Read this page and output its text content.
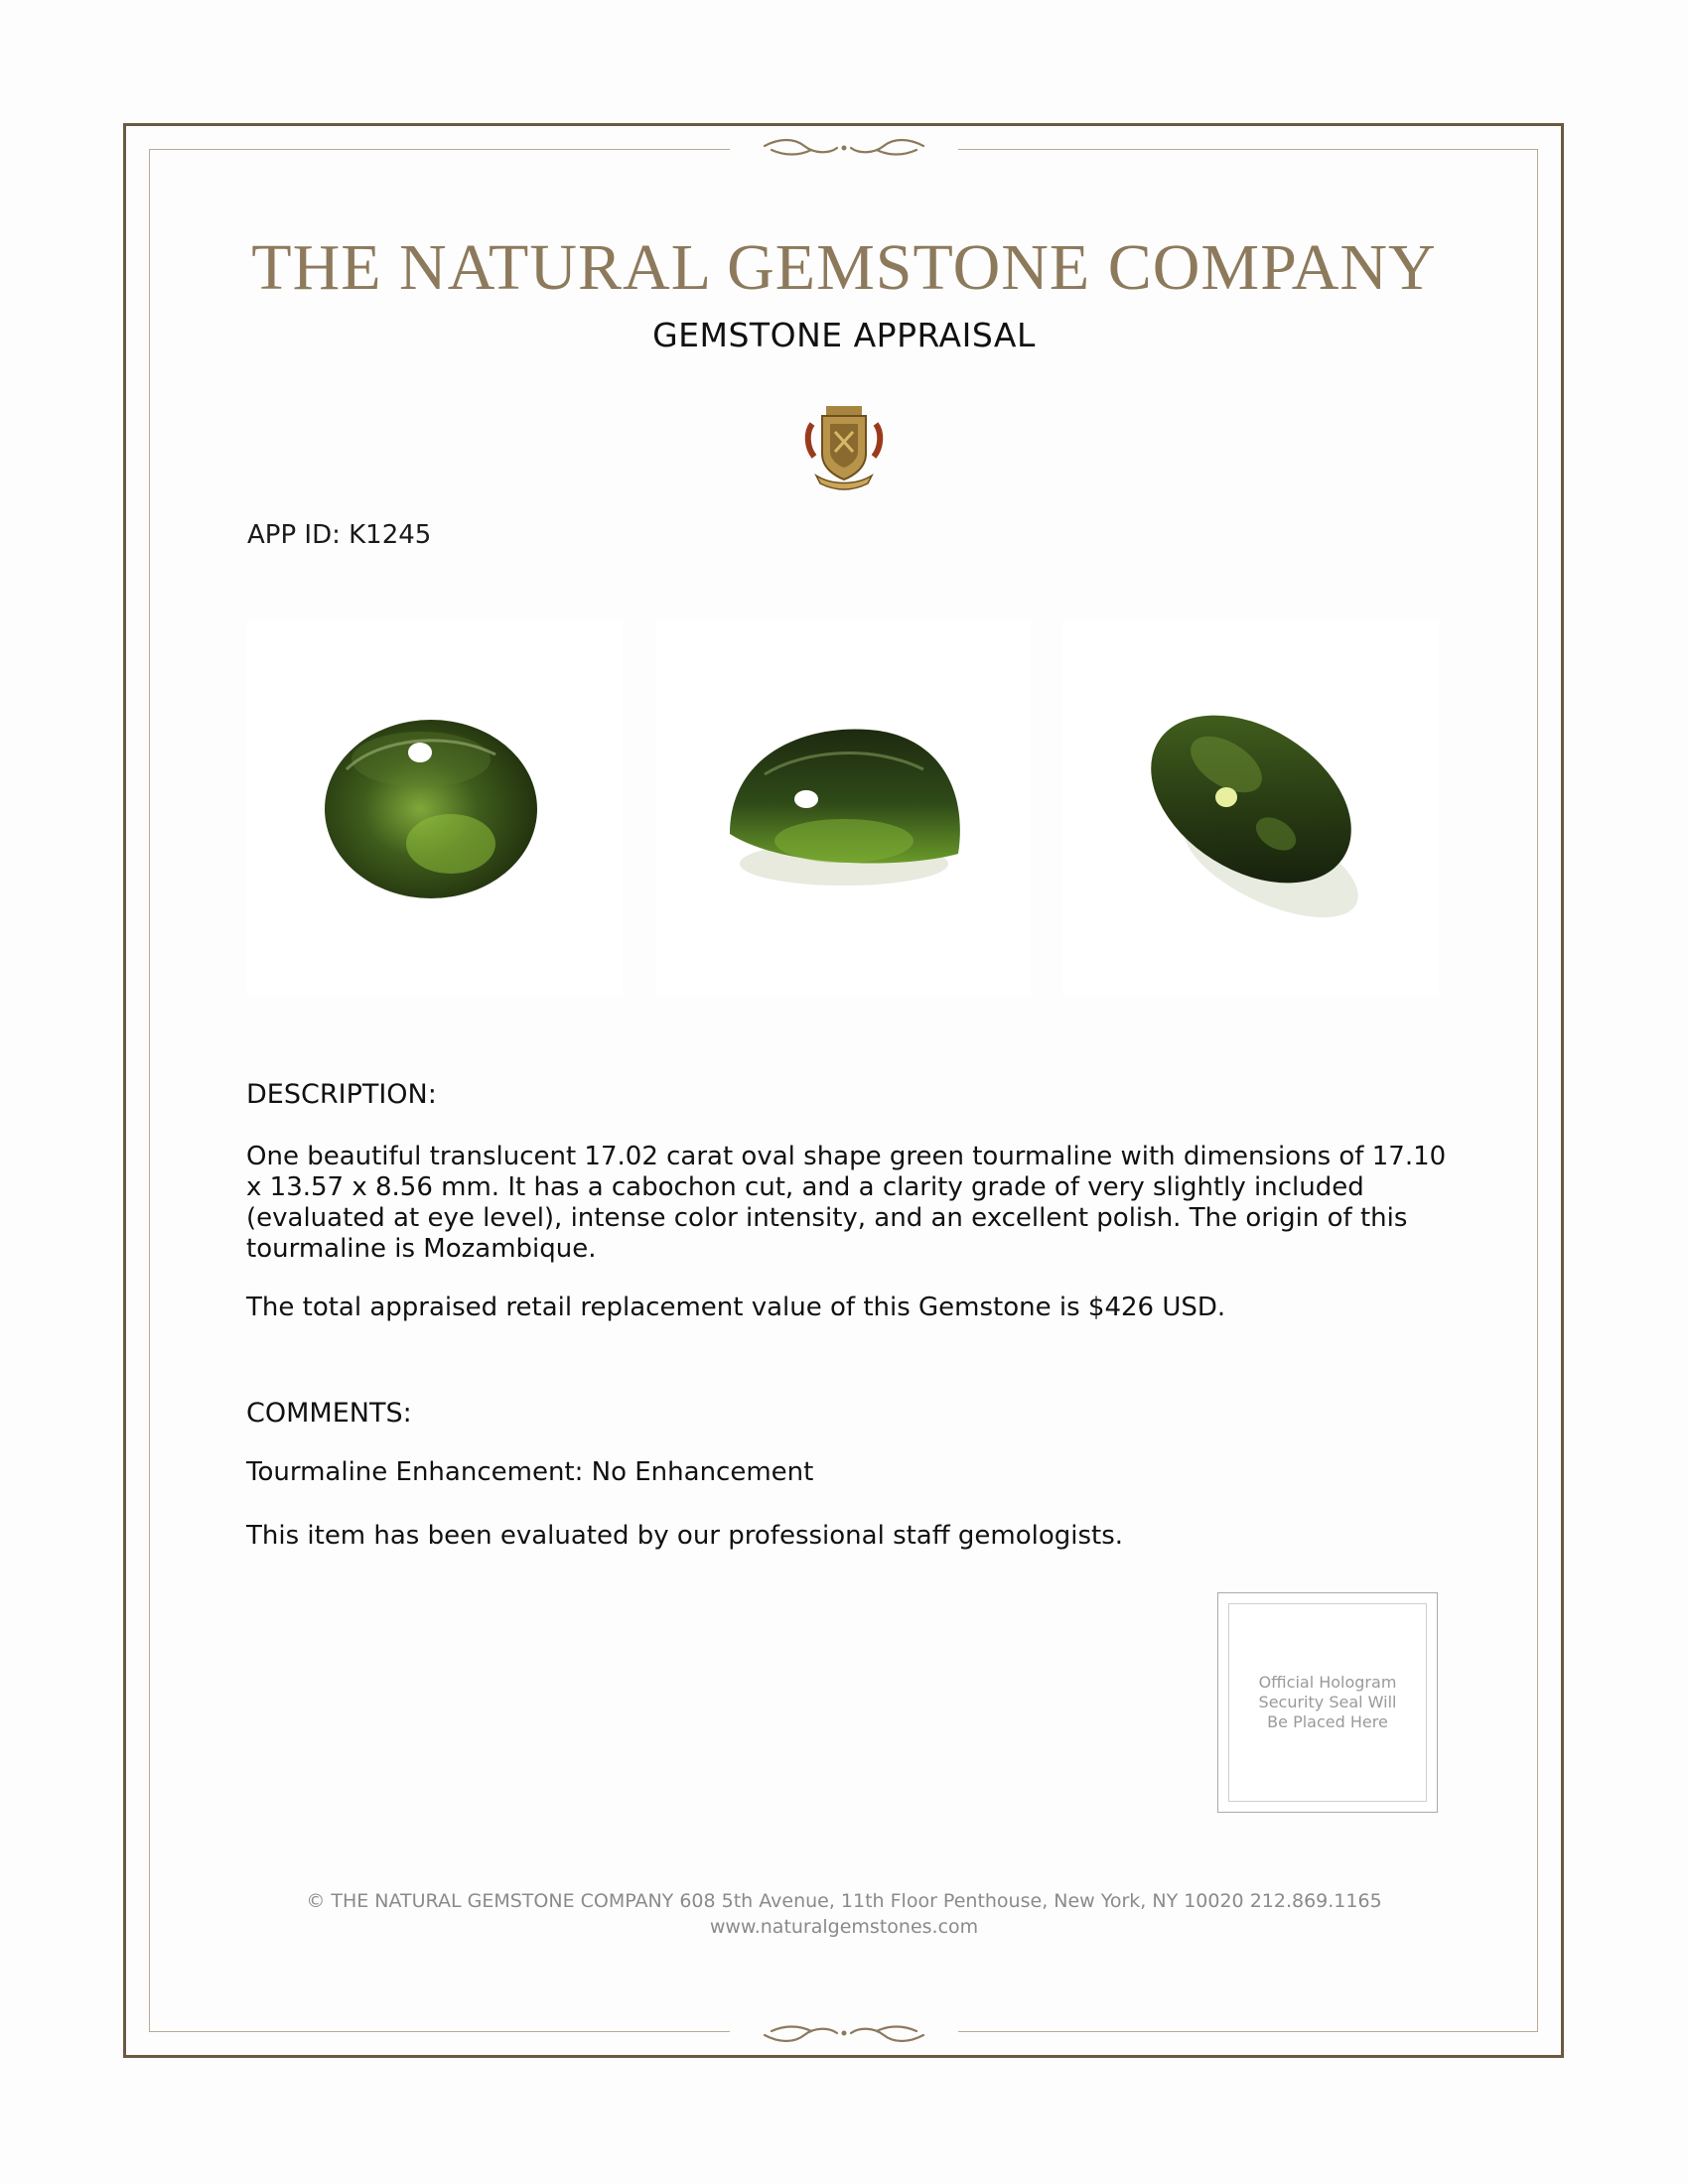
THE NATURAL GEMSTONE COMPANY
GEMSTONE APPRAISAL
APP ID: K1245
DESCRIPTION:
One beautiful translucent 17.02 carat oval shape green tourmaline with dimensions of 17.10 x 13.57 x 8.56 mm. It has a cabochon cut, and a clarity grade of very slightly included (evaluated at eye level), intense color intensity, and an excellent polish. The origin of this tourmaline is Mozambique.
The total appraised retail replacement value of this Gemstone is $426 USD.
COMMENTS:
Tourmaline Enhancement: No Enhancement
This item has been evaluated by our professional staff gemologists.
Official Hologram Security Seal Will Be Placed Here
© THE NATURAL GEMSTONE COMPANY 608 5th Avenue, 11th Floor Penthouse, New York, NY 10020 212.869.1165
www.naturalgemstones.com
